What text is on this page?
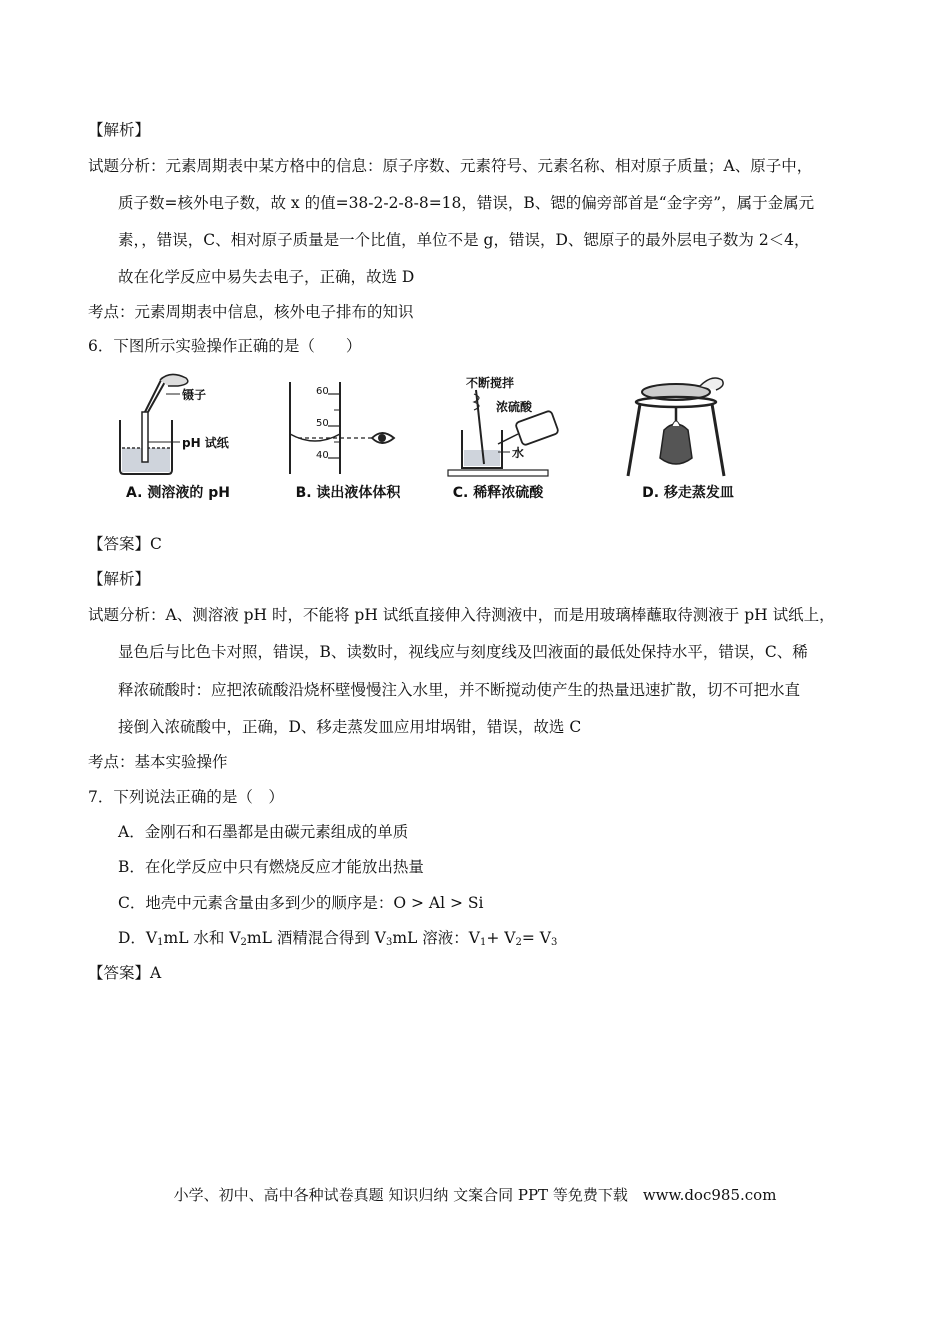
【解析】
试题分析：元素周期表中某方格中的信息：原子序数、元素符号、元素名称、相对原子质量；A、原子中，
质子数=核外电子数，故 x 的值=38-2-2-8-8=18，错误，B、锶的偏旁部首是“金字旁”，属于金属元
素，，错误，C、相对原子质量是一个比值，单位不是 g，错误，D、锶原子的最外层电子数为 2＜4，
故在化学反应中易失去电子，正确，故选 D
考点：元素周期表中信息，核外电子排布的知识
6．下图所示实验操作正确的是（　　）
镊子
pH 试纸
A. 测溶液的 pH
60
50
40
B. 读出液体体积
不断搅拌
浓硫酸
水
C. 稀释浓硫酸	D. 移走蒸发皿
【答案】C
【解析】
试题分析：A、测溶液 pH 时，不能将 pH 试纸直接伸入待测液中，而是用玻璃棒蘸取待测液于 pH 试纸上，
显色后与比色卡对照，错误，B、读数时，视线应与刻度线及凹液面的最低处保持水平，错误，C、稀
释浓硫酸时：应把浓硫酸沿烧杯壁慢慢注入水里，并不断搅动使产生的热量迅速扩散，切不可把水直
接倒入浓硫酸中，正确，D、移走蒸发皿应用坩埚钳，错误，故选 C
考点：基本实验操作
7．下列说法正确的是（　）
A．金刚石和石墨都是由碳元素组成的单质
B．在化学反应中只有燃烧反应才能放出热量
C．地壳中元素含量由多到少的顺序是：O > Al > Si
D．$V_1mL$ 水和 $V_2mL$ 酒精混合得到 $V_3mL$ 溶液：$V_1+ V_2= V_3$
【答案】A
小学、初中、高中各种试卷真题 知识归纳 文案合同 PPT 等免费下载　www.doc985.com
